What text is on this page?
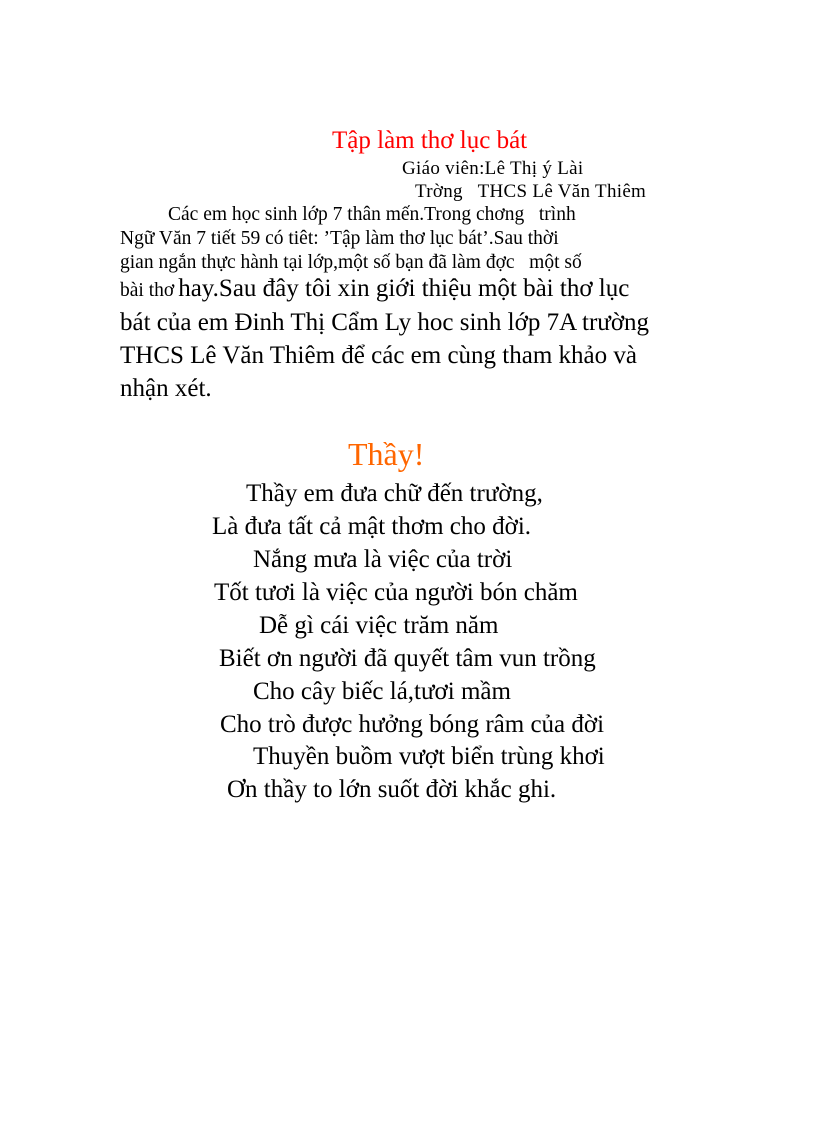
Tập làm thơ lục bát
Giáo viên:Lê Thị ý Lài
Trờng   THCS Lê Văn Thiêm
Các em học sinh lớp 7 thân mến.Trong chơng   trình
Ngữ Văn 7 tiết 59 có tiêt: ’Tập làm thơ lục bát’.Sau thời
gian ngắn thực hành tại lớp,một số bạn đã làm đợc   một số
bài thơ hay.Sau đây tôi xin giới thiệu một bài thơ lục
bát của em Đinh Thị Cẩm Ly hoc sinh lớp 7A trường
THCS Lê Văn Thiêm để các em cùng tham khảo và
nhận xét.
Thầy!
Thầy em đưa chữ đến trường,
Là đưa tất cả mật thơm cho đời.
Nắng mưa là việc của trời
Tốt tươi là việc của người bón chăm
Dễ gì cái việc trăm năm
Biết ơn người đã quyết tâm vun trồng
Cho cây biếc lá,tươi mầm
Cho trò được hưởng bóng râm của đời
Thuyền buồm vượt biển trùng khơi
Ơn thầy to lớn suốt đời khắc ghi.
